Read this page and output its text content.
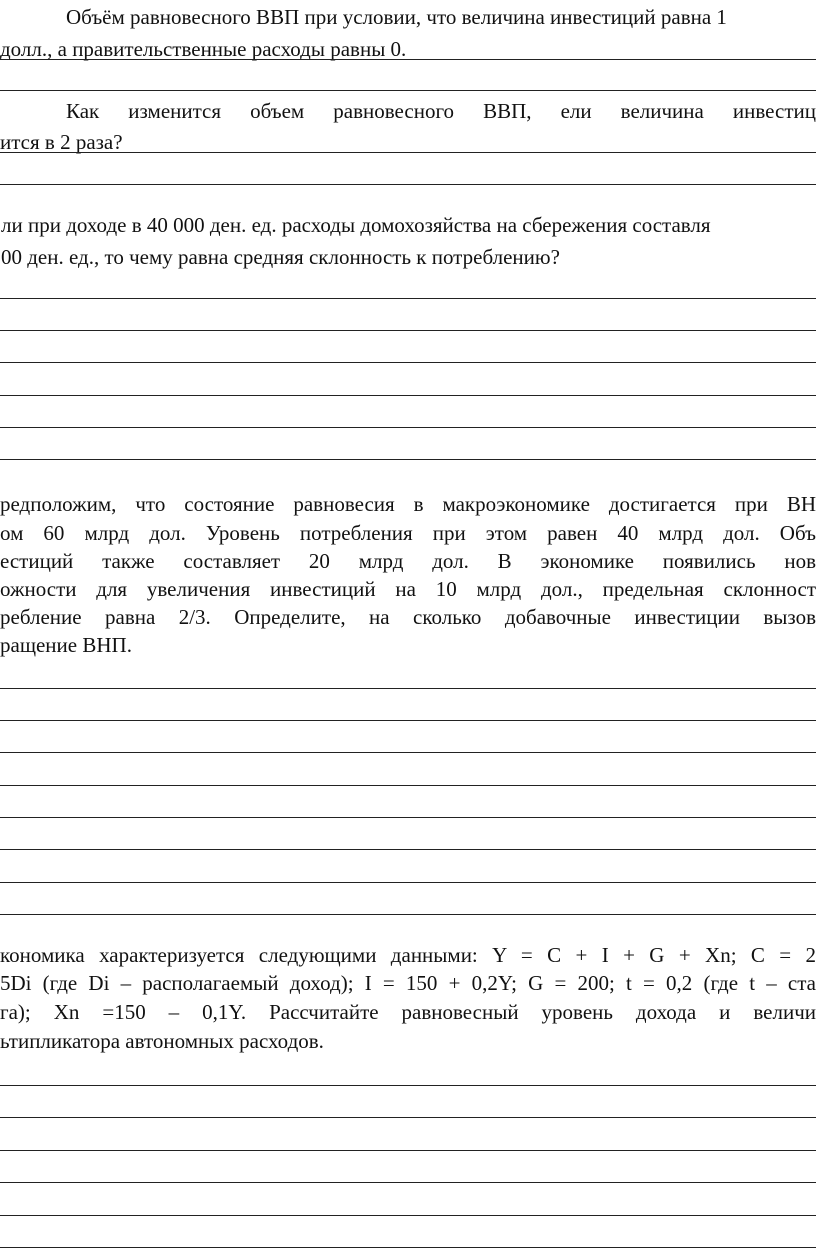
Объём равновесного ВВП при условии, что величина инвестиций равна 1
долл., а правительственные расходы равны 0.
Как изменится объем равновесного ВВП, ели величина инвестиц
ится в 2 раза?
ли при доходе в 40 000 ден. ед. расходы домохозяйства на сбережения составля
00 ден. ед., то чему равна средняя склонность к потреблению?
редположим, что состояние равновесия в макроэкономике достигается при ВН
ом 60 млрд дол. Уровень потребления при этом равен 40 млрд дол. Объ
естиций также составляет 20 млрд дол. В экономике появились нов
ожности для увеличения инвестиций на 10 млрд дол., предельная склонност
ребление равна 2/3. Определите, на сколько добавочные инвестиции вызов
ращение ВНП.
кономика характеризуется следующими данными: Y = C + I + G + Xn; C = 2
5Di (где Di – располагаемый доход); I = 150 + 0,2Y; G = 200; t = 0,2 (где t – ста
га); Xn =150 – 0,1Y. Рассчитайте равновесный уровень дохода и величи
ьтипликатора автономных расходов.
